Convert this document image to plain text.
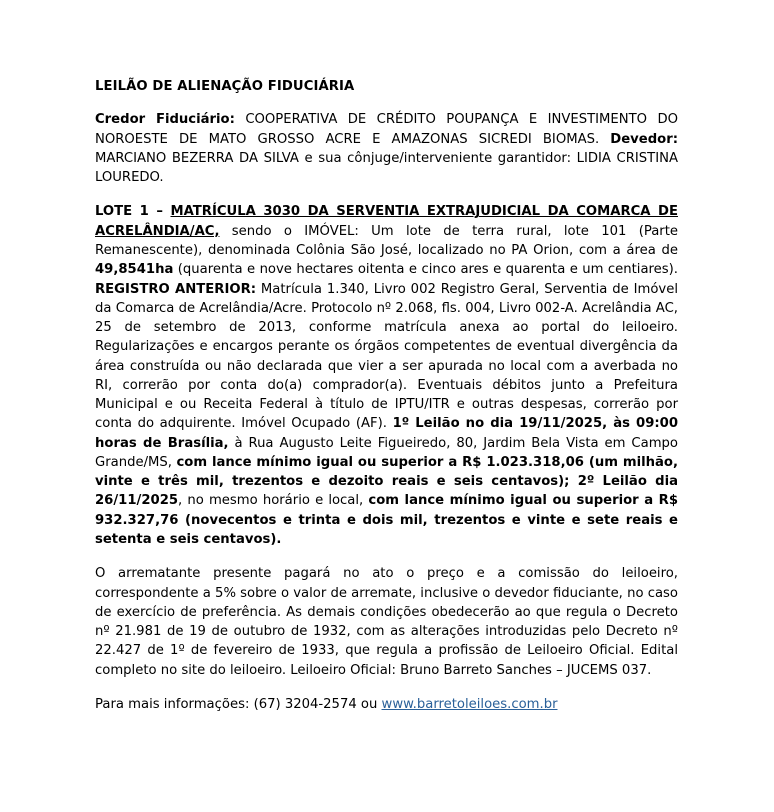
LEILÃO DE ALIENAÇÃO FIDUCIÁRIA

Credor Fiduciário: COOPERATIVA DE CRÉDITO POUPANÇA E INVESTIMENTO DO NOROESTE DE MATO GROSSO ACRE E AMAZONAS SICREDI BIOMAS. Devedor: MARCIANO BEZERRA DA SILVA e sua cônjuge/interveniente garantidor: LIDIA CRISTINA LOUREDO.

LOTE 1 – MATRÍCULA 3030 DA SERVENTIA EXTRAJUDICIAL DA COMARCA DE ACRELÂNDIA/AC, sendo o IMÓVEL: Um lote de terra rural, lote 101 (Parte Remanescente), denominada Colônia São José, localizado no PA Orion, com a área de 49,8541ha (quarenta e nove hectares oitenta e cinco ares e quarenta e um centiares). REGISTRO ANTERIOR: Matrícula 1.340, Livro 002 Registro Geral, Serventia de Imóvel da Comarca de Acrelândia/Acre. Protocolo nº 2.068, fls. 004, Livro 002-A. Acrelândia AC, 25 de setembro de 2013, conforme matrícula anexa ao portal do leiloeiro. Regularizações e encargos perante os órgãos competentes de eventual divergência da área construída ou não declarada que vier a ser apurada no local com a averbada no RI, correrão por conta do(a) comprador(a). Eventuais débitos junto a Prefeitura Municipal e ou Receita Federal à título de IPTU/ITR e outras despesas, correrão por conta do adquirente. Imóvel Ocupado (AF). 1º Leilão no dia 19/11/2025, às 09:00 horas de Brasília, à Rua Augusto Leite Figueiredo, 80, Jardim Bela Vista em Campo Grande/MS, com lance mínimo igual ou superior a R$ 1.023.318,06 (um milhão, vinte e três mil, trezentos e dezoito reais e seis centavos); 2º Leilão dia 26/11/2025, no mesmo horário e local, com lance mínimo igual ou superior a R$ 932.327,76 (novecentos e trinta e dois mil, trezentos e vinte e sete reais e setenta e seis centavos).

O arrematante presente pagará no ato o preço e a comissão do leiloeiro, correspondente a 5% sobre o valor de arremate, inclusive o devedor fiduciante, no caso de exercício de preferência. As demais condições obedecerão ao que regula o Decreto nº 21.981 de 19 de outubro de 1932, com as alterações introduzidas pelo Decreto nº 22.427 de 1º de fevereiro de 1933, que regula a profissão de Leiloeiro Oficial. Edital completo no site do leiloeiro. Leiloeiro Oficial: Bruno Barreto Sanches – JUCEMS 037.

Para mais informações: (67) 3204-2574 ou www.barretoleiloes.com.br
